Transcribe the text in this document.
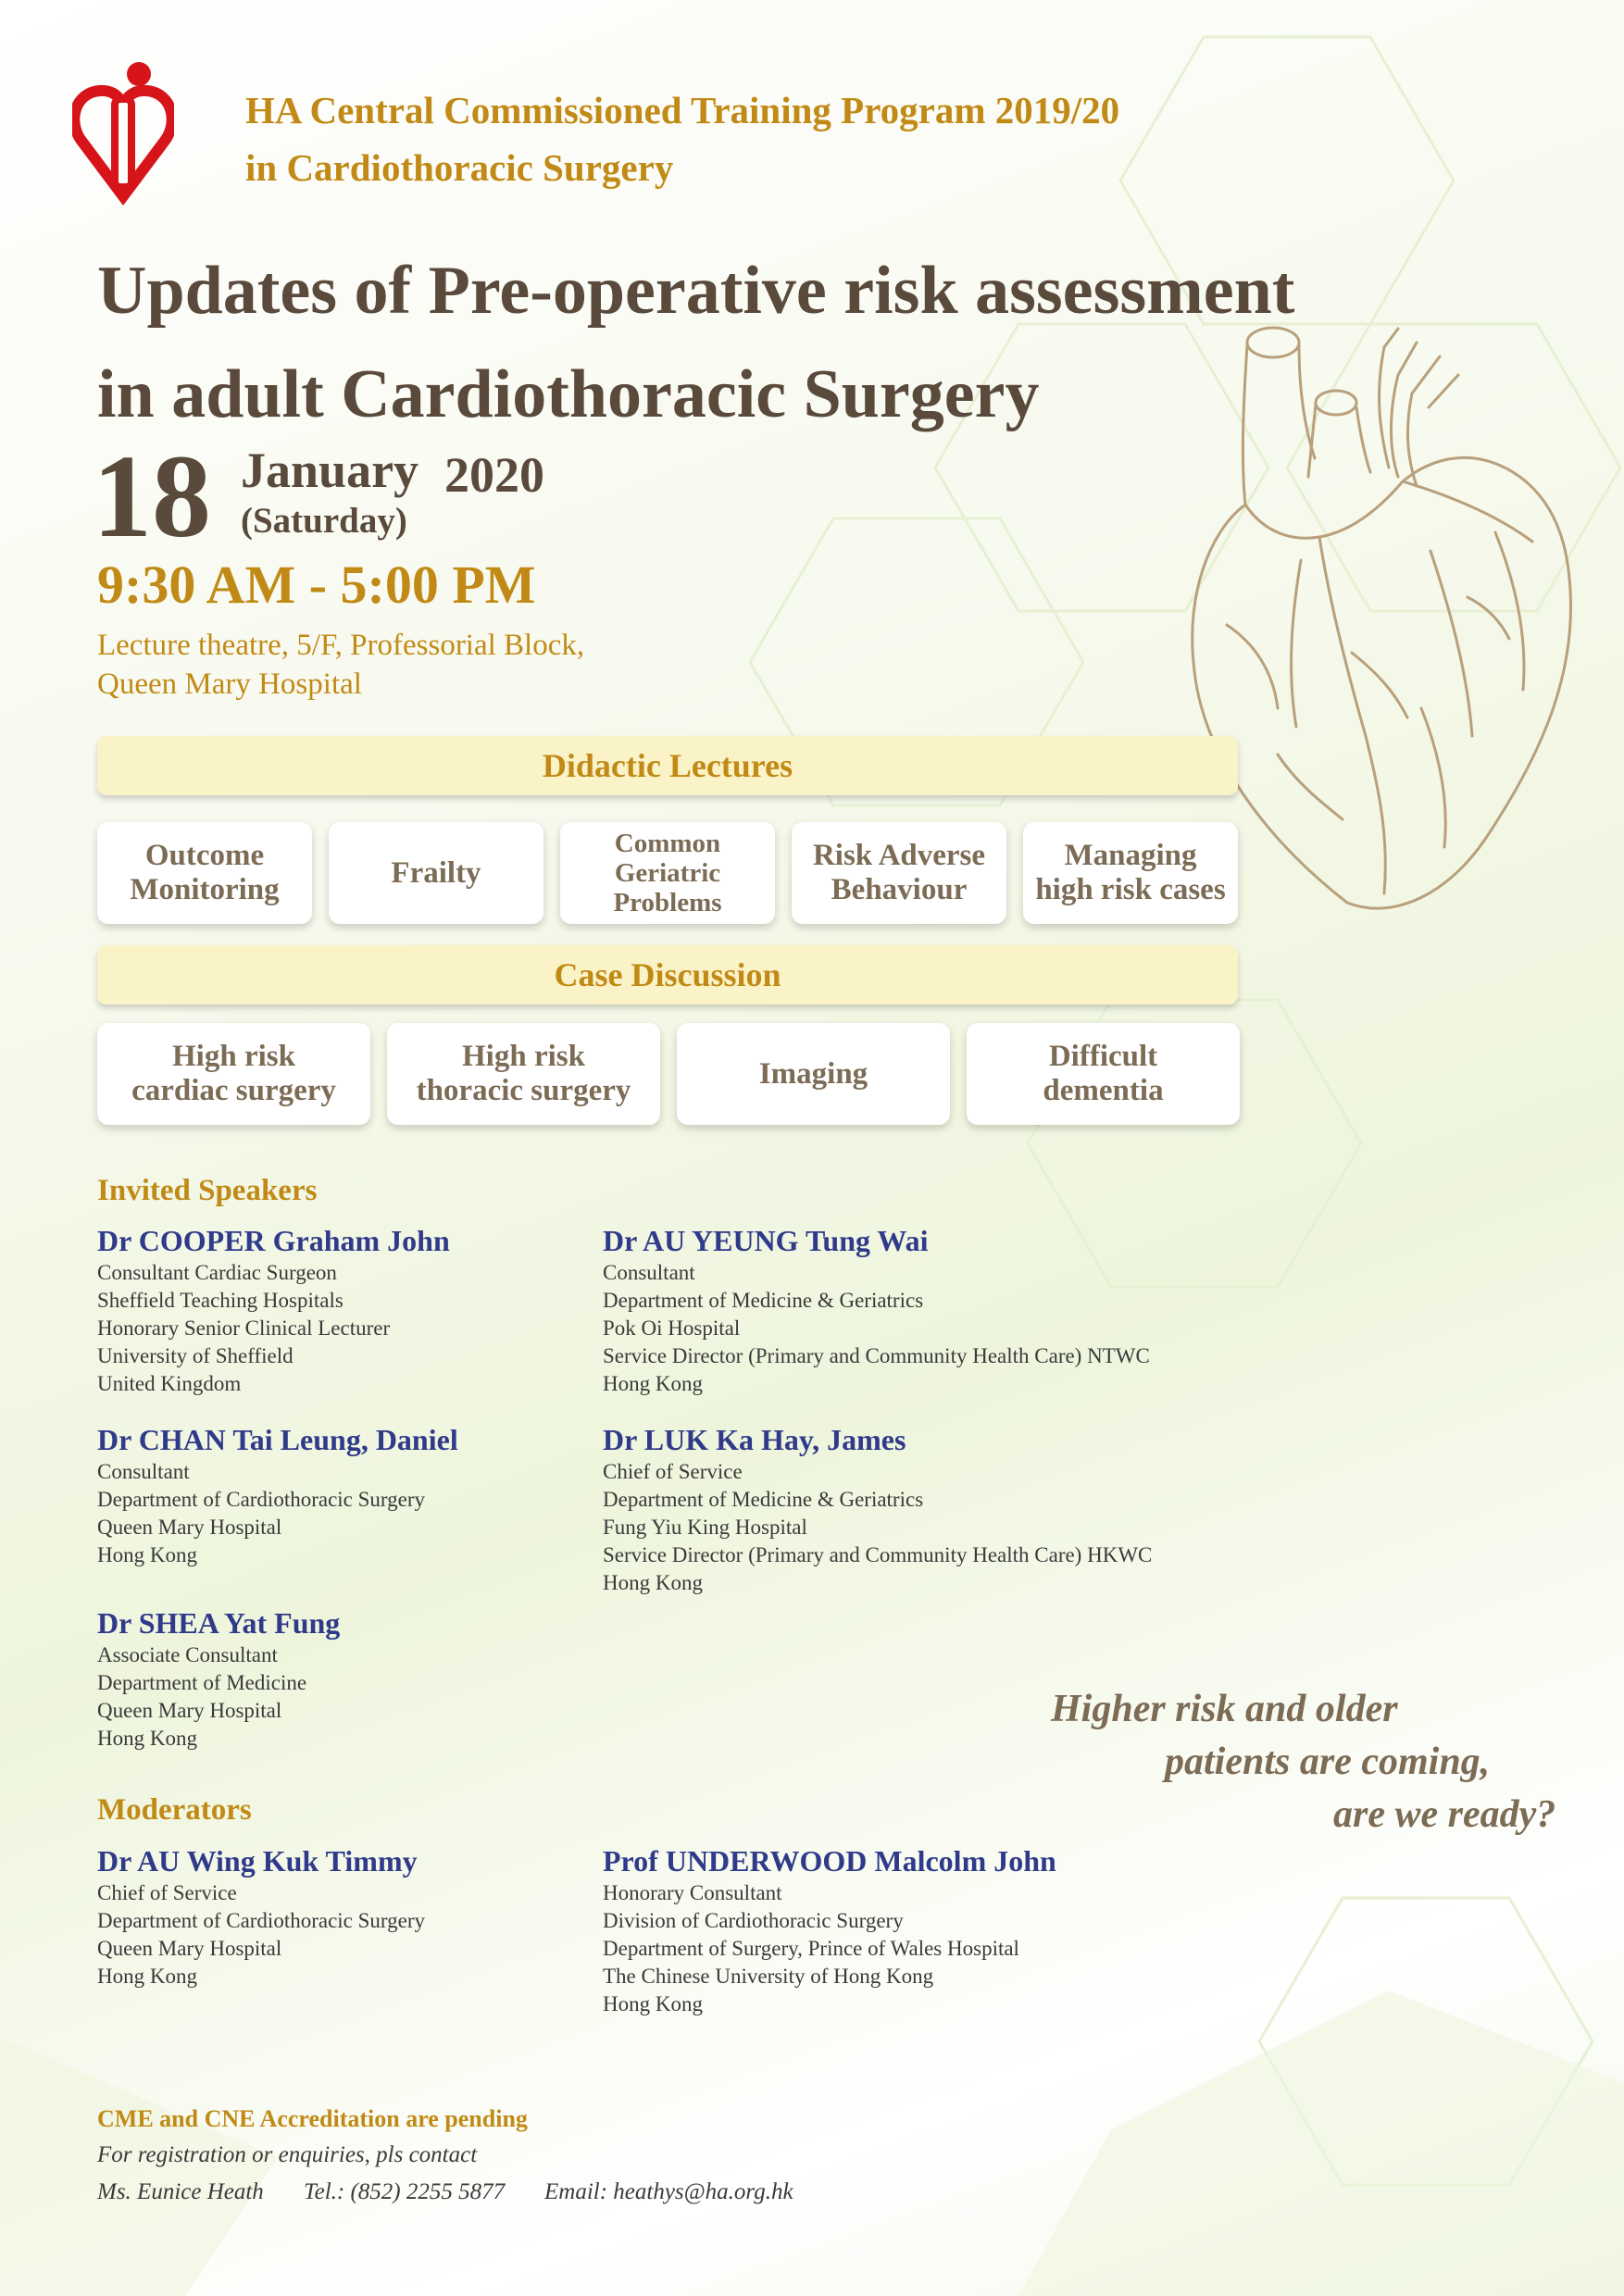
HA Central Commissioned Training Program 2019/20
in Cardiothoracic Surgery
Updates of Pre-operative risk assessment
in adult Cardiothoracic Surgery
18 January 2020
(Saturday)
9:30 AM - 5:00 PM
Lecture theatre, 5/F, Professorial Block,
Queen Mary Hospital
Didactic Lectures
Outcome
Monitoring
Frailty
Common
Geriatric
Problems
Risk Adverse
Behaviour
Managing
high risk cases
Case Discussion
High risk
cardiac surgery
High risk
thoracic surgery
Imaging
Difficult
dementia
Invited Speakers
Dr COOPER Graham John
Consultant Cardiac Surgeon
Sheffield Teaching Hospitals
Honorary Senior Clinical Lecturer
University of Sheffield
United Kingdom
Dr AU YEUNG Tung Wai
Consultant
Department of Medicine & Geriatrics
Pok Oi Hospital
Service Director (Primary and Community Health Care) NTWC
Hong Kong
Dr CHAN Tai Leung, Daniel
Consultant
Department of Cardiothoracic Surgery
Queen Mary Hospital
Hong Kong
Dr LUK Ka Hay, James
Chief of Service
Department of Medicine & Geriatrics
Fung Yiu King Hospital
Service Director (Primary and Community Health Care) HKWC
Hong Kong
Dr SHEA Yat Fung
Associate Consultant
Department of Medicine
Queen Mary Hospital
Hong Kong
Moderators
Dr AU Wing Kuk Timmy
Chief of Service
Department of Cardiothoracic Surgery
Queen Mary Hospital
Hong Kong
Prof UNDERWOOD Malcolm John
Honorary Consultant
Division of Cardiothoracic Surgery
Department of Surgery, Prince of Wales Hospital
The Chinese University of Hong Kong
Hong Kong
Higher risk and older
patients are coming,
are we ready?
CME and CNE Accreditation are pending
For registration or enquiries, pls contact
Ms. Eunice Heath Tel.: (852) 2255 5877 Email: heathys@ha.org.hk
